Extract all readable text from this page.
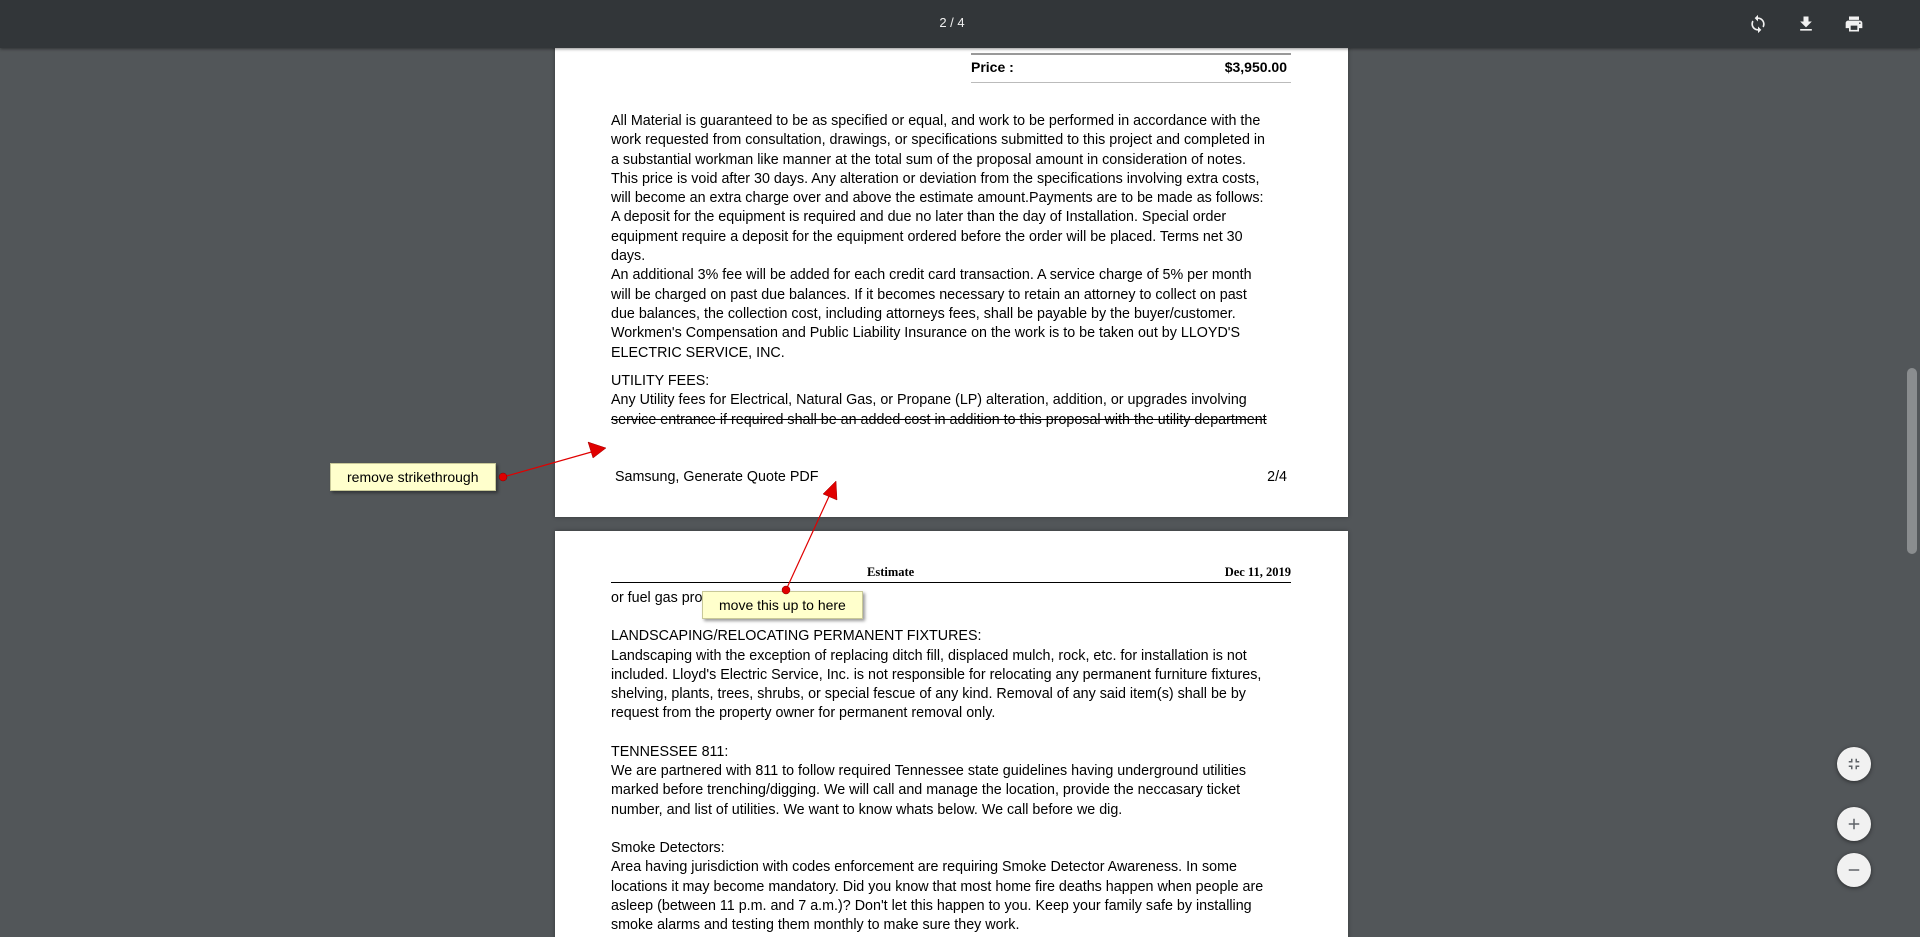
2 / 4
Price :	$3,950.00

All Material is guaranteed to be as specified or equal, and work to be performed in accordance with the

work requested from consultation, drawings, or specifications submitted to this project and completed in

a substantial workman like manner at the total sum of the proposal amount in consideration of notes.

This price is void after 30 days. Any alteration or deviation from the specifications involving extra costs,

will become an extra charge over and above the estimate amount.Payments are to be made as follows:

A deposit for the equipment is required and due no later than the day of Installation. Special order

equipment require a deposit for the equipment ordered before the order will be placed. Terms net 30

days.

An additional 3% fee will be added for each credit card transaction. A service charge of 5% per month

will be charged on past due balances. If it becomes necessary to retain an attorney to collect on past

due balances, the collection cost, including attorneys fees, shall be payable by the buyer/customer.

Workmen's Compensation and Public Liability Insurance on the work is to be taken out by LLOYD'S

ELECTRIC SERVICE, INC.

UTILITY FEES:

Any Utility fees for Electrical, Natural Gas, or Propane (LP) alteration, addition, or upgrades involving

service entrance if required shall be an added cost in addition to this proposal with the utility department

Samsung, Generate Quote PDF	2/4
Estimate	Dec 11, 2019

or fuel gas pro

LANDSCAPING/RELOCATING PERMANENT FIXTURES:

Landscaping with the exception of replacing ditch fill, displaced mulch, rock, etc. for installation is not

included. Lloyd's Electric Service, Inc. is not responsible for relocating any permanent furniture fixtures,

shelving, plants, trees, shrubs, or special fescue of any kind. Removal of any said item(s) shall be by

request from the property owner for permanent removal only.

TENNESSEE 811:

We are partnered with 811 to follow required Tennessee state guidelines having underground utilities

marked before trenching/digging. We will call and manage the location, provide the neccasary ticket

number, and list of utilities. We want to know whats below. We call before we dig.

Smoke Detectors:

Area having jurisdiction with codes enforcement are requiring Smoke Detector Awareness. In some

locations it may become mandatory. Did you know that most home fire deaths happen when people are

asleep (between 11 p.m. and 7 a.m.)? Don't let this happen to you. Keep your family safe by installing

smoke alarms and testing them monthly to make sure they work.

remove strikethrough
move this up to here
